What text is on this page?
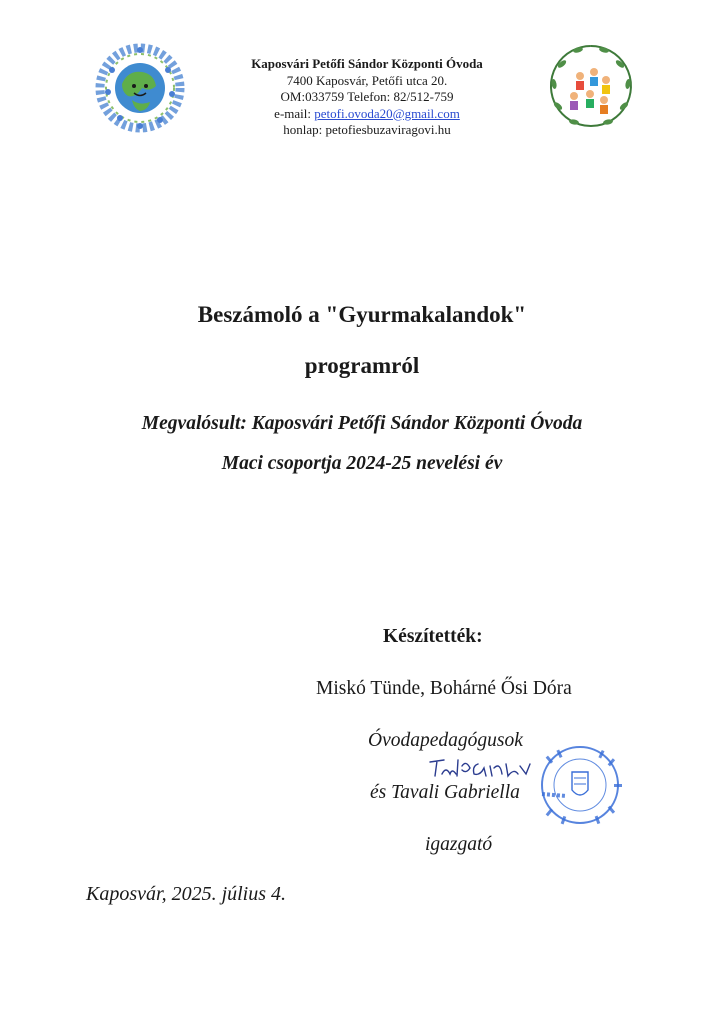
Kaposvári Petőfi Sándor Központi Óvoda
7400 Kaposvár, Petőfi utca 20.
OM:033759 Telefon: 82/512-759
e-mail: petofi.ovoda20@gmail.com
honlap: petofiesbuzaviragovi.hu
Beszámoló a "Gyurmakalandok"
programról
Megvalósult: Kaposvári Petőfi Sándor Központi Óvoda
Maci csoportja 2024-25 nevelési év
Készítették:
Miskó Tünde, Bohárné Ősi Dóra
Óvodapedagógusok
és Tavali Gabriella
igazgató
Kaposvár, 2025. július 4.
